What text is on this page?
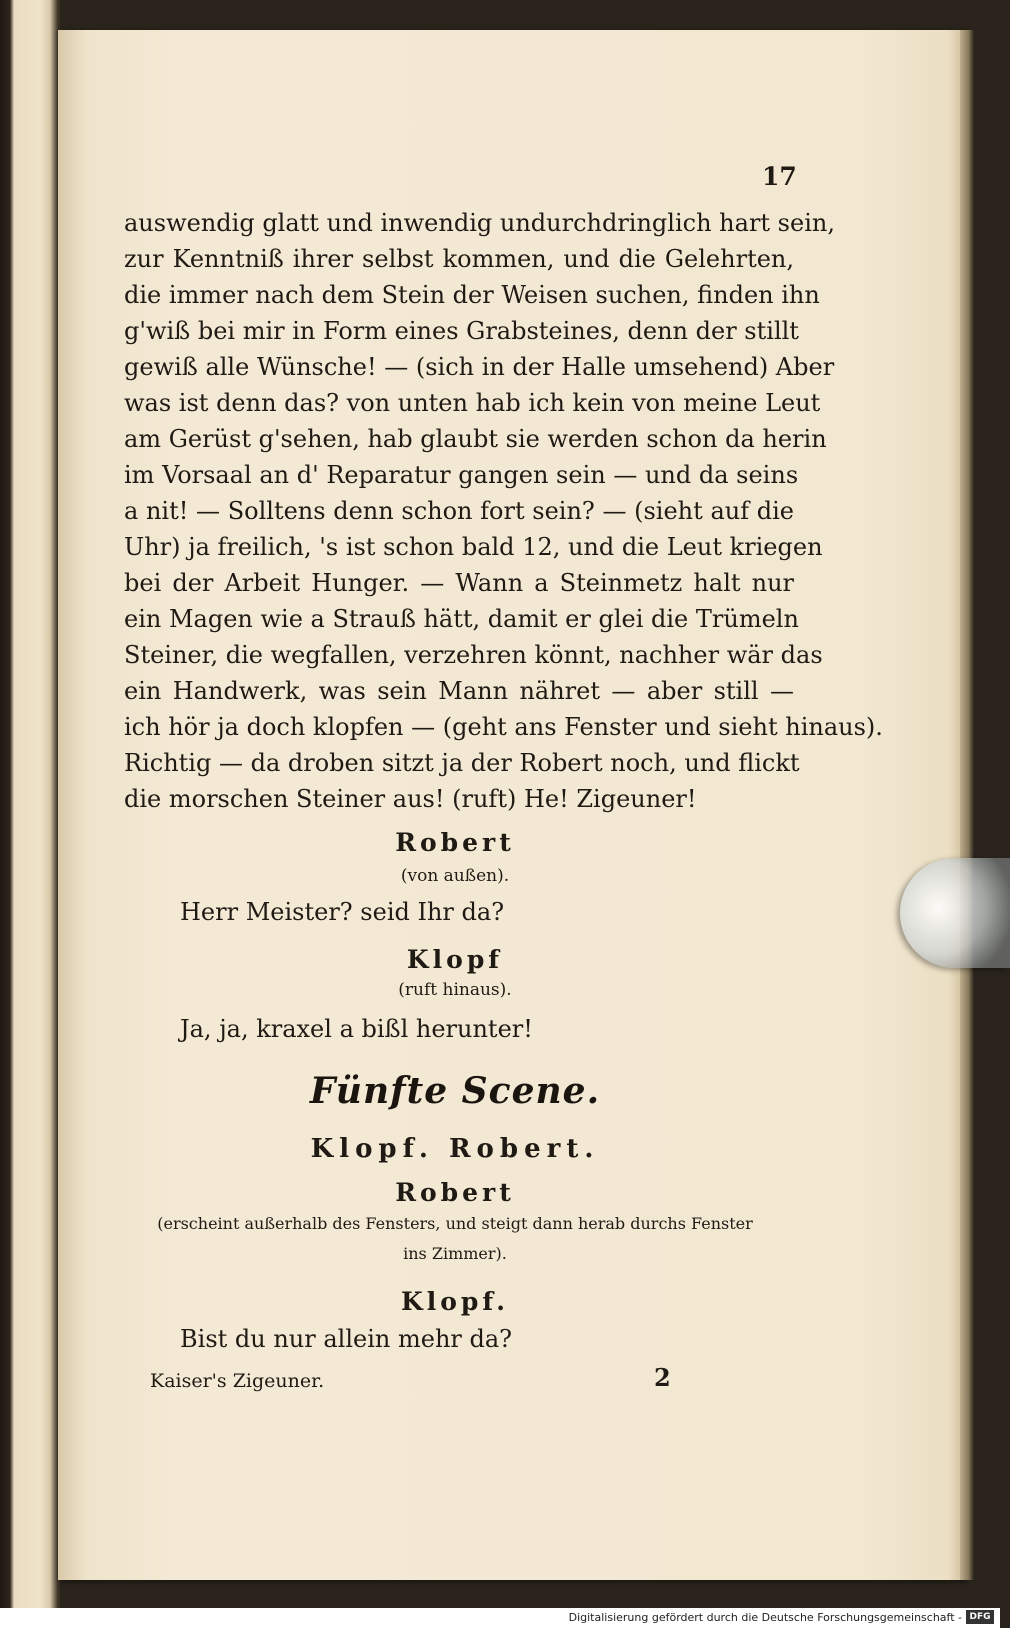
17
auswendig glatt und inwendig undurchdringlich hart sein,
zur Kenntniß ihrer selbst kommen, und die Gelehrten,
die immer nach dem Stein der Weisen suchen, finden ihn
g'wiß bei mir in Form eines Grabsteines, denn der stillt
gewiß alle Wünsche! — (sich in der Halle umsehend) Aber
was ist denn das? von unten hab ich kein von meine Leut
am Gerüst g'sehen, hab glaubt sie werden schon da herin
im Vorsaal an d' Reparatur gangen sein — und da seins
a nit! — Solltens denn schon fort sein? — (sieht auf die
Uhr) ja freilich, 's ist schon bald 12, und die Leut kriegen
bei der Arbeit Hunger. — Wann a Steinmetz halt nur
ein Magen wie a Strauß hätt, damit er glei die Trümeln
Steiner, die wegfallen, verzehren könnt, nachher wär das
ein Handwerk, was sein Mann nähret — aber still —
ich hör ja doch klopfen — (geht ans Fenster und sieht hinaus).
Richtig — da droben sitzt ja der Robert noch, und flickt
die morschen Steiner aus! (ruft) He! Zigeuner!
Robert
(von außen).
Herr Meister? seid Ihr da?
Klopf
(ruft hinaus).
Ja, ja, kraxel a bißl herunter!
Fünfte Scene.
Klopf. Robert.
Robert
(erscheint außerhalb des Fensters, und steigt dann herab durchs Fenster
ins Zimmer).
Klopf.
Bist du nur allein mehr da?
Kaiser's Zigeuner.	2
Digitalisierung gefördert durch die Deutsche Forschungsgemeinschaft - DFG
